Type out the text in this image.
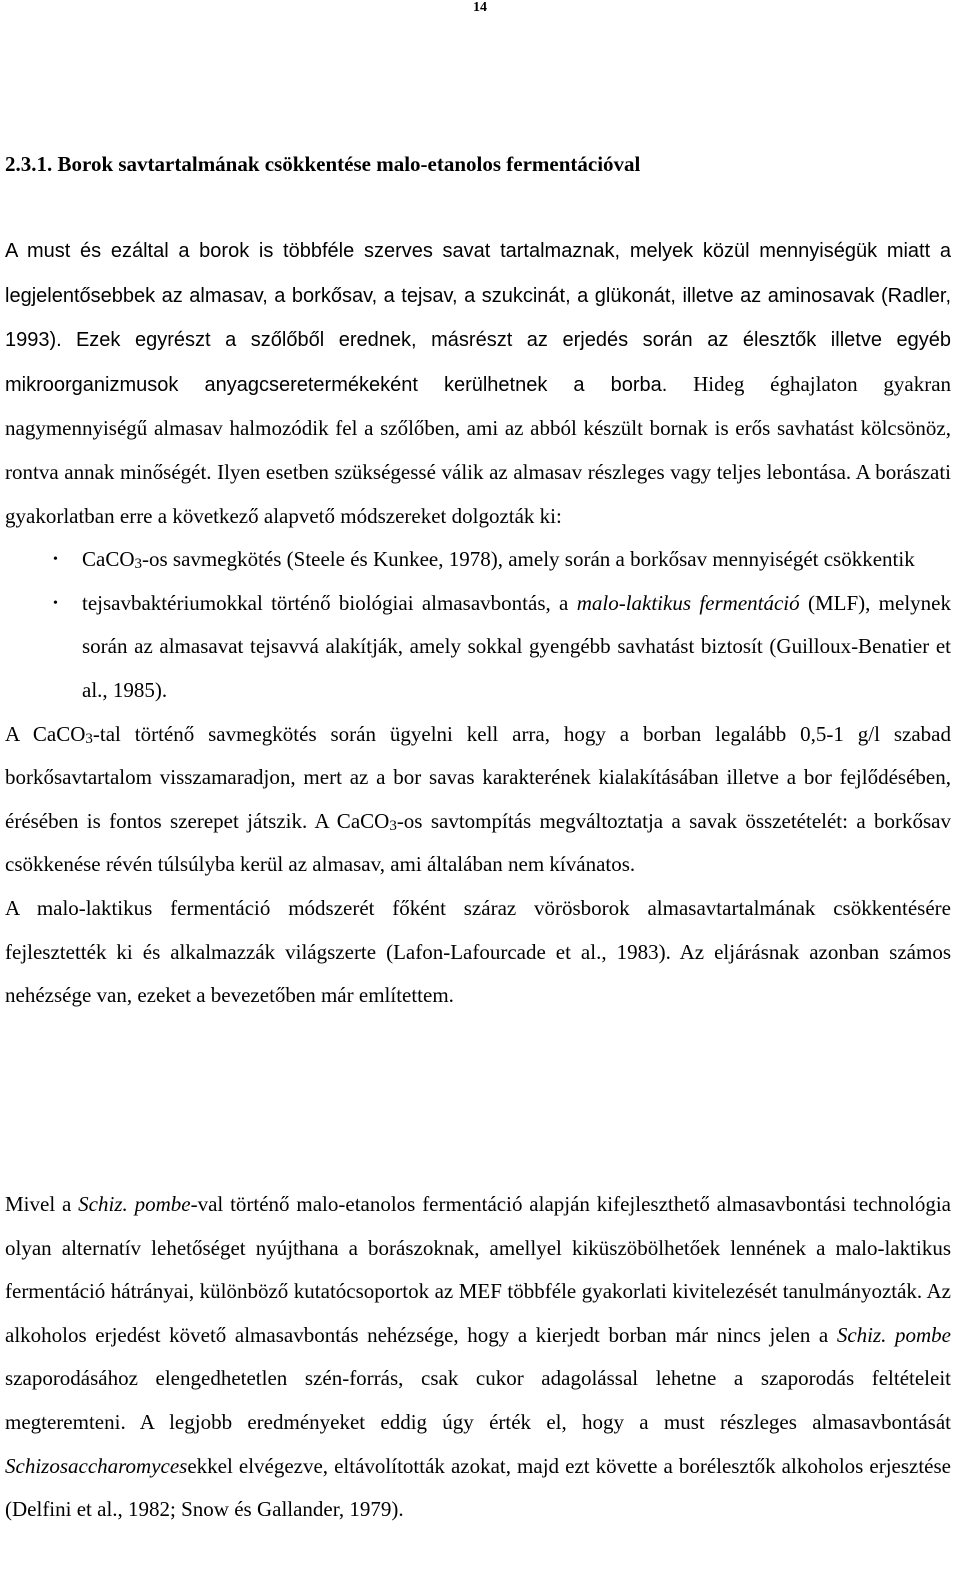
14
2.3.1. Borok savtartalmának csökkentése malo-etanolos fermentációval

A must és ezáltal a borok is többféle szerves savat tartalmaznak, melyek közül mennyiségük miatt a legjelentősebbek az almasav, a borkősav, a tejsav, a szukcinát, a glükonát, illetve az aminosavak (Radler, 1993). Ezek egyrészt a szőlőből erednek, másrészt az erjedés során az élesztők illetve egyéb mikroorganizmusok anyagcseretermékeként kerülhetnek a borba. Hideg éghajlaton gyakran nagymennyiségű almasav halmozódik fel a szőlőben, ami az abból készült bornak is erős savhatást kölcsönöz, rontva annak minőségét. Ilyen esetben szükségessé válik az almasav részleges vagy teljes lebontása. A borászati gyakorlatban erre a következő alapvető módszereket dolgozták ki:

• CaCO$_3$-os savmegkötés (Steele és Kunkee, 1978), amely során a borkősav mennyiségét csökkentik
• tejsavbaktériumokkal történő biológiai almasavbontás, a malo-laktikus fermentáció (MLF), melynek során az almasavat tejsavvá alakítják, amely sokkal gyengébb savhatást biztosít (Guilloux-Benatier et al., 1985).

A CaCO$_3$-tal történő savmegkötés során ügyelni kell arra, hogy a borban legalább 0,5-1 g/l szabad borkősavtartalom visszamaradjon, mert az a bor savas karakterének kialakításában illetve a bor fejlődésében, érésében is fontos szerepet játszik. A CaCO$_3$-os savtompítás megváltoztatja a savak összetételét: a borkősav csökkenése révén túlsúlyba kerül az almasav, ami általában nem kívánatos.

A malo-laktikus fermentáció módszerét főként száraz vörösborok almasavtartalmának csökkentésére fejlesztették ki és alkalmazzák világszerte (Lafon-Lafourcade et al., 1983). Az eljárásnak azonban számos nehézsége van, ezeket a bevezetőben már említettem.

Mivel a Schiz. pombe-val történő malo-etanolos fermentáció alapján kifejleszthető almasavbontási technológia olyan alternatív lehetőséget nyújthana a borászoknak, amellyel kiküszöbölhetőek lennének a malo-laktikus fermentáció hátrányai, különböző kutatócsoportok az MEF többféle gyakorlati kivitelezését tanulmányozták. Az alkoholos erjedést követő almasavbontás nehézsége, hogy a kierjedt borban már nincs jelen a Schiz. pombe szaporodásához elengedhetetlen szén-forrás, csak cukor adagolással lehetne a szaporodás feltételeit megteremteni. A legjobb eredményeket eddig úgy érték el, hogy a must részleges almasavbontását Schizosaccharomycesekkel elvégezve, eltávolították azokat, majd ezt követte a borélesztők alkoholos erjesztése (Delfini et al., 1982; Snow és Gallander, 1979).
